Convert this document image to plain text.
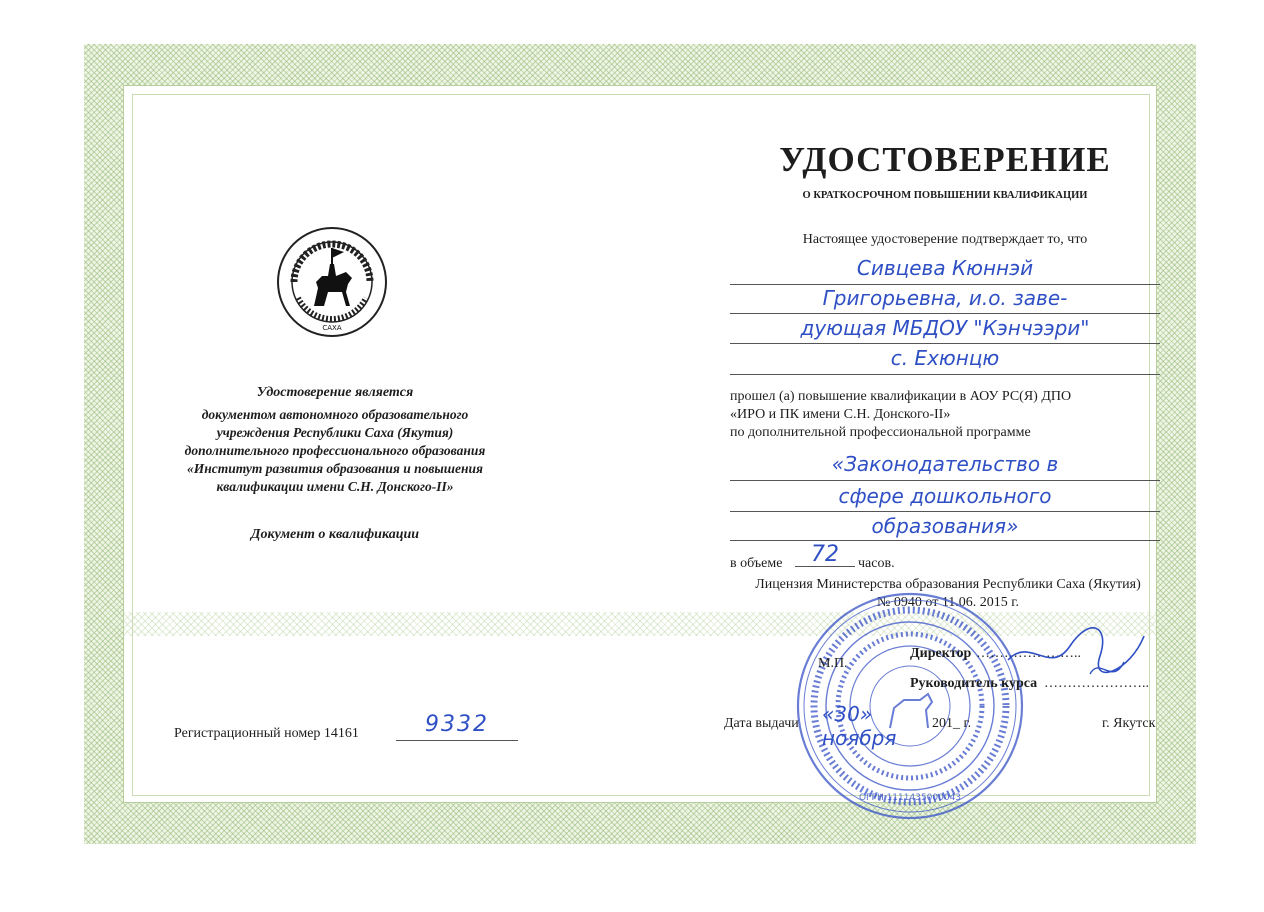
САХА
Удостоверение является
документом автономного образовательного
учреждения Республики Саха (Якутия)
дополнительного профессионального образования
«Институт развития образования и повышения
квалификации имени С.Н. Донского-II»
Документ о квалификации
Регистрационный номер 14161	9332
УДОСТОВЕРЕНИЕ
О КРАТКОСРОЧНОМ ПОВЫШЕНИИ КВАЛИФИКАЦИИ
Настоящее удостоверение подтверждает то, что
Сивцева Кюннэй
Григорьевна, и.о. заве-
дующая МБДОУ "Кэнчээри"
с. Ехюнцю
прошел (а) повышение квалификации в АОУ РС(Я) ДПО
«ИРО и ПК имени С.Н. Донского-II»
по дополнительной профессиональной программе
«Законодательство в
сфере дошкольного
образования»
в объеме	72	часов.
Лицензия Министерства образования Республики Саха (Якутия)
№ 0940 от 11.06. 2015 г.
ОГРН 1111435000043
М.П.
Директор …………………..
Руководитель курса …………………..
Дата выдачи «30» ноября
201_ г.	г. Якутск
